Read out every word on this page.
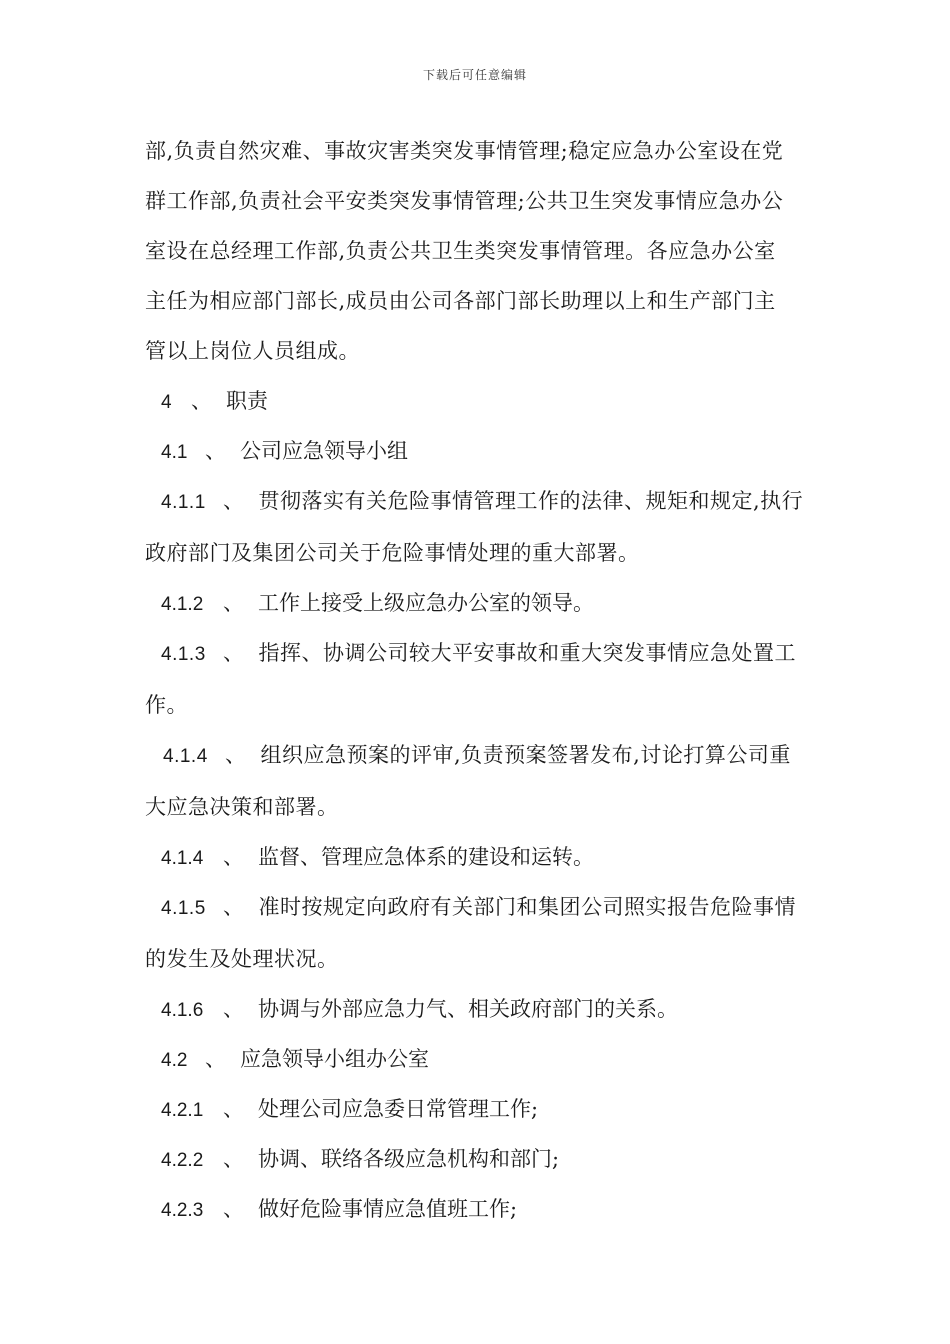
下载后可任意编辑
部,负责自然灾难、事故灾害类突发事情管理;稳定应急办公室设在党
群工作部,负责社会平安类突发事情管理;公共卫生突发事情应急办公
室设在总经理工作部,负责公共卫生类突发事情管理。各应急办公室
主任为相应部门部长,成员由公司各部门部长助理以上和生产部门主
管以上岗位人员组成。
4 、 职责
4.1 、 公司应急领导小组
4.1.1 、 贯彻落实有关危险事情管理工作的法律、规矩和规定,执行
政府部门及集团公司关于危险事情处理的重大部署。
4.1.2 、 工作上接受上级应急办公室的领导。
4.1.3 、 指挥、协调公司较大平安事故和重大突发事情应急处置工
作。
4.1.4 、 组织应急预案的评审,负责预案签署发布,讨论打算公司重
大应急决策和部署。
4.1.4 、 监督、管理应急体系的建设和运转。
4.1.5 、 准时按规定向政府有关部门和集团公司照实报告危险事情
的发生及处理状况。
4.1.6 、 协调与外部应急力气、相关政府部门的关系。
4.2 、 应急领导小组办公室
4.2.1 、 处理公司应急委日常管理工作;
4.2.2 、 协调、联络各级应急机构和部门;
4.2.3 、 做好危险事情应急值班工作;
